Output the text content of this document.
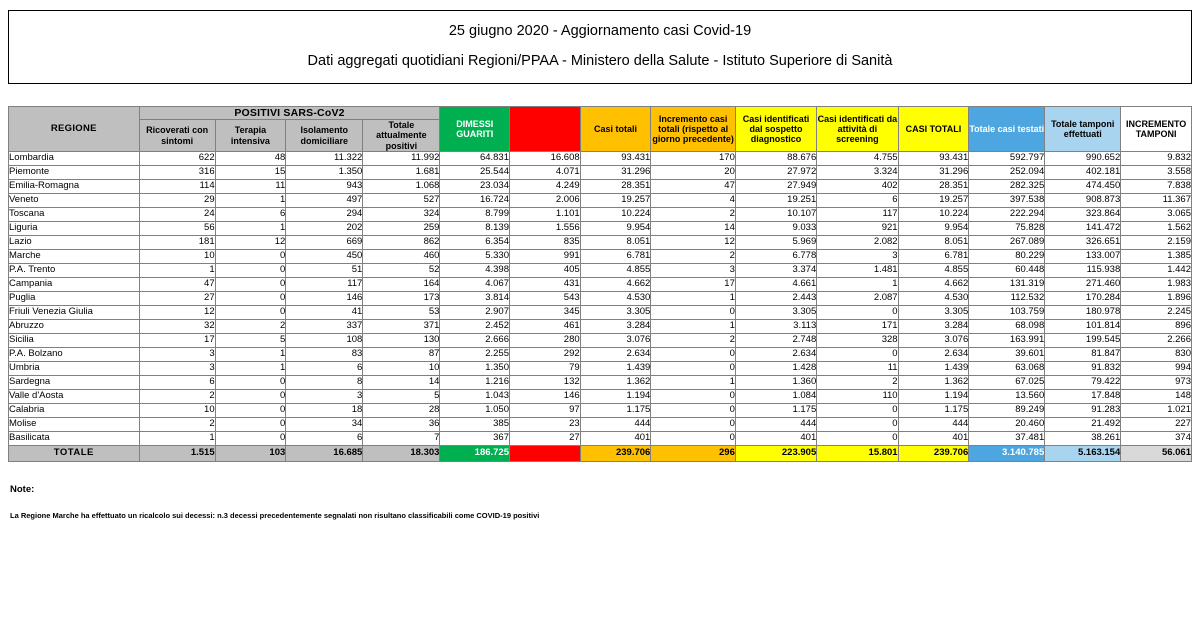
25 giugno 2020 - Aggiornamento casi Covid-19
Dati aggregati quotidiani Regioni/PPAA - Ministero della Salute - Istituto Superiore di Sanità
REGIONE	POSITIVI SARS-CoV2				DIMESSI GUARITI	Deceduti	Casi totali	Incremento casi totali (rispetto al giorno precedente)	Casi identificati dal sospetto diagnostico	Casi identificati da attività di screening	CASI TOTALI	Totale casi testati	Totale tamponi effettuati	INCREMENTO TAMPONI
	Ricoverati con sintomi	Terapia intensiva	Isolamento domiciliare	Totale attualmente positivi										
Lombardia	622	48	11.322	11.992	64.831	16.608	93.431	170	88.676	4.755	93.431	592.797	990.652	9.832
Piemonte	316	15	1.350	1.681	25.544	4.071	31.296	20	27.972	3.324	31.296	252.094	402.181	3.558
Emilia-Romagna	114	11	943	1.068	23.034	4.249	28.351	47	27.949	402	28.351	282.325	474.450	7.838
Veneto	29	1	497	527	16.724	2.006	19.257	4	19.251	6	19.257	397.538	908.873	11.367
Toscana	24	6	294	324	8.799	1.101	10.224	2	10.107	117	10.224	222.294	323.864	3.065
Liguria	56	1	202	259	8.139	1.556	9.954	14	9.033	921	9.954	75.828	141.472	1.562
Lazio	181	12	669	862	6.354	835	8.051	12	5.969	2.082	8.051	267.089	326.651	2.159
Marche	10	0	450	460	5.330	991	6.781	2	6.778	3	6.781	80.229	133.007	1.385
P.A. Trento	1	0	51	52	4.398	405	4.855	3	3.374	1.481	4.855	60.448	115.938	1.442
Campania	47	0	117	164	4.067	431	4.662	17	4.661	1	4.662	131.319	271.460	1.983
Puglia	27	0	146	173	3.814	543	4.530	1	2.443	2.087	4.530	112.532	170.284	1.896
Friuli Venezia Giulia	12	0	41	53	2.907	345	3.305	0	3.305	0	3.305	103.759	180.978	2.245
Abruzzo	32	2	337	371	2.452	461	3.284	1	3.113	171	3.284	68.098	101.814	896
Sicilia	17	5	108	130	2.666	280	3.076	2	2.748	328	3.076	163.991	199.545	2.266
P.A. Bolzano	3	1	83	87	2.255	292	2.634	0	2.634	0	2.634	39.601	81.847	830
Umbria	3	1	6	10	1.350	79	1.439	0	1.428	11	1.439	63.068	91.832	994
Sardegna	6	0	8	14	1.216	132	1.362	1	1.360	2	1.362	67.025	79.422	973
Valle d'Aosta	2	0	3	5	1.043	146	1.194	0	1.084	110	1.194	13.560	17.848	148
Calabria	10	0	18	28	1.050	97	1.175	0	1.175	0	1.175	89.249	91.283	1.021
Molise	2	0	34	36	385	23	444	0	444	0	444	20.460	21.492	227
Basilicata	1	0	6	7	367	27	401	0	401	0	401	37.481	38.261	374
TOTALE	1.515	103	16.685	18.303	186.725	34.678	239.706	296	223.905	15.801	239.706	3.140.785	5.163.154	56.061
Note:
La Regione Marche ha effettuato un ricalcolo sui decessi: n.3 decessi precedentemente segnalati non risultano classificabili come COVID-19 positivi
